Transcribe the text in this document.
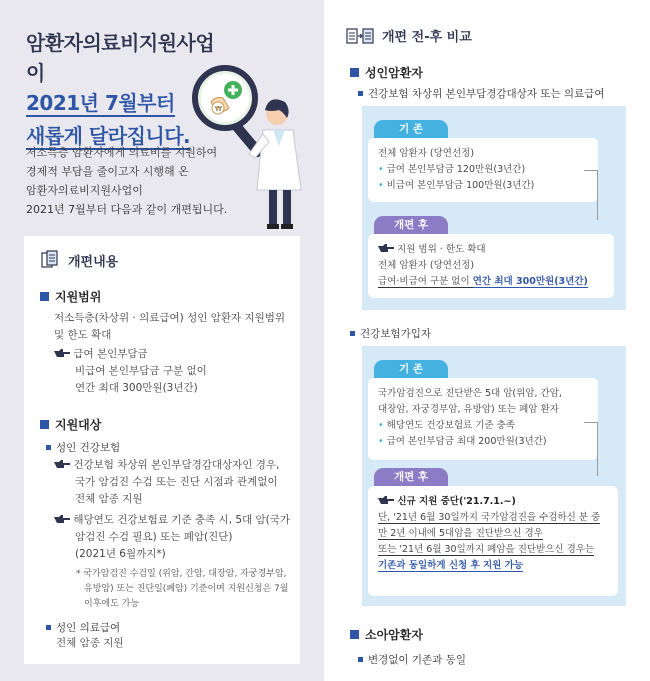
암환자의료비지원사업이
2021년 7월부터
새롭게 달라집니다.
₩
저소득층 암환자에게 의료비를 지원하여
경제적 부담을 줄이고자 시행해 온
암환자의료비지원사업이
2021년 7월부터 다음과 같이 개편됩니다.
개편내용
지원범위
저소득층(차상위 · 의료급여) 성인 암환자 지원범위
및 한도 확대
급여 본인부담금
비급여 본인부담금 구분 없이
연간 최대 300만원(3년간)
지원대상
성인 건강보험
건강보험 차상위 본인부담경감대상자인 경우,
국가 암검진 수검 또는 진단 시점과 관계없이
전체 암종 지원
해당연도 건강보험료 기준 충족 시, 5대 암(국가
암검진 수검 필요) 또는 폐암(진단)
(2021년 6월까지*)
* 국가암검진 수검일 (위암, 간암, 대장암, 자궁경부암,
유방암) 또는 진단일(폐암) 기준이며 지원신청은 7월
이후에도 가능
성인 의료급여
전체 암종 지원
개편 전-후 비교
성인암환자
건강보험 차상위 본인부담경감대상자 또는 의료급여
기 존
전체 암환자 (당연선정)
• 급여 본인부담금 120만원(3년간)
• 비급여 본인부담금 100만원(3년간)
개편 후
지원 범위 · 한도 확대
전체 암환자 (당연선정)
급여·비급여 구분 없이 연간 최대 300만원(3년간)
건강보험가입자
기 존
국가암검진으로 진단받은 5대 암(위암, 간암,
대장암, 자궁경부암, 유방암) 또는 폐암 환자
• 해당연도 건강보험료 기준 충족
• 급여 본인부담금 최대 200만원(3년간)
개편 후
신규 지원 중단('21.7.1.~)
단, '21년 6월 30일까지 국가암검진을 수검하신 분 중
만 2년 이내에 5대암을 진단받으신 경우
또는 '21년 6월 30일까지 폐암을 진단받으신 경우는
기존과 동일하게 신청 후 지원 가능
소아암환자
변경없이 기존과 동일
